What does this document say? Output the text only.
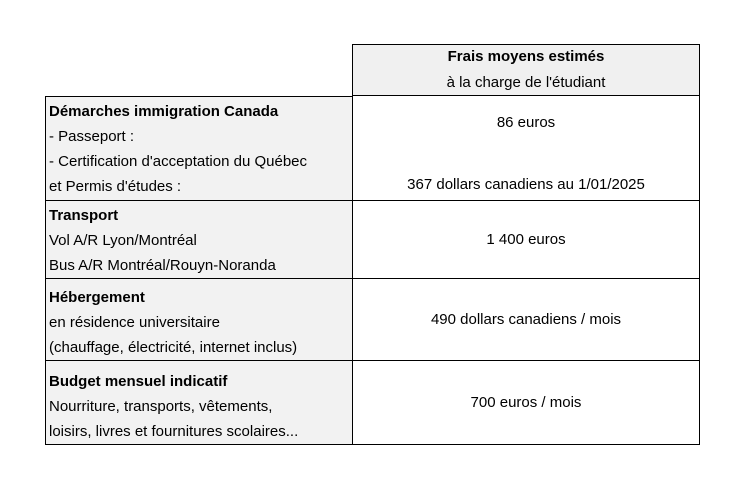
Frais moyens estimés
à la charge de l'étudiant
Démarches immigration Canada
- Passeport :
- Certification d'acceptation du Québec
et Permis d'études :
86 euros
367 dollars canadiens au 1/01/2025
Transport
Vol A/R Lyon/Montréal
Bus A/R Montréal/Rouyn-Noranda
1 400 euros
Hébergement
en résidence universitaire
(chauffage, électricité, internet inclus)
490 dollars canadiens / mois
Budget mensuel indicatif
Nourriture, transports, vêtements,
loisirs, livres et fournitures scolaires...
700 euros / mois
